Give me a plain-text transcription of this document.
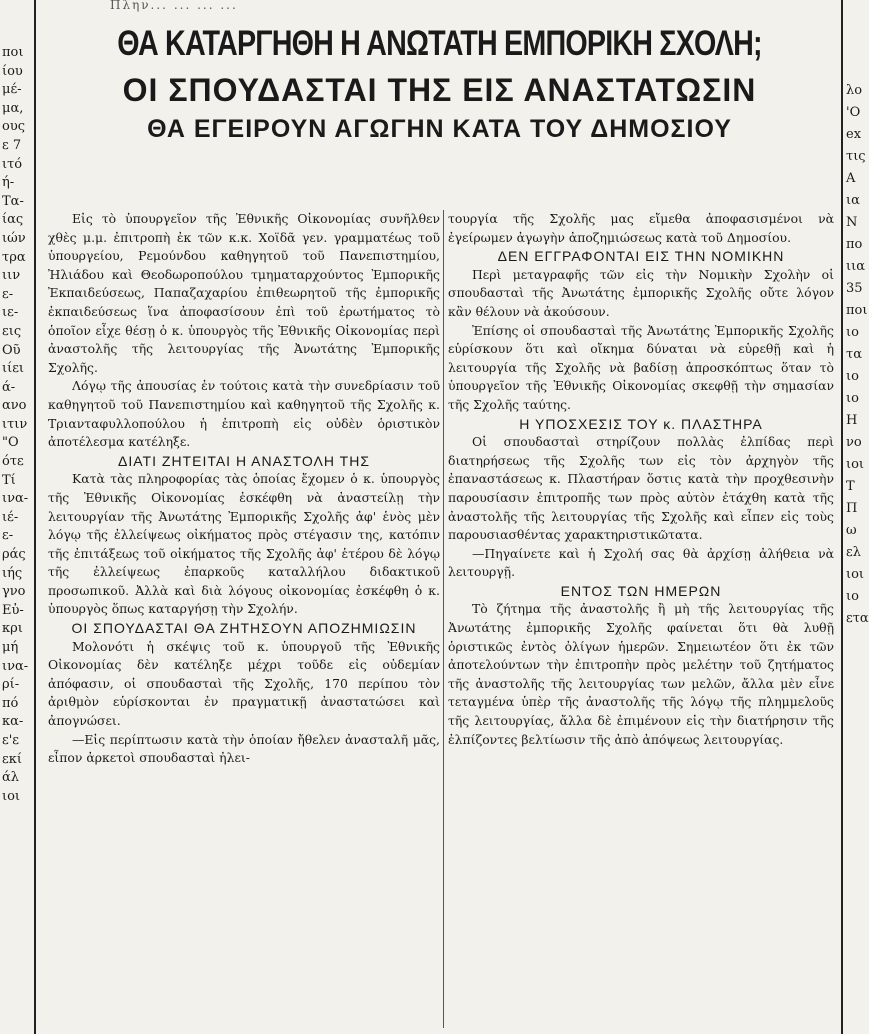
Πλην... ... ... ...
ποι
ίου
μέ-
μα,
ους
ε 7
ιτό
ή-
Τα-
ίας
ιών
τρα
ιιν
ε-
ιε-
εις
Οῦ
ιίει
ά-
ανο
ιτιν
"Ο
ότε
Τί
ινα-
ιέ-
ε-
ράς
ιής
γνο
Εὐ-
κρι
μή
ινα-
ρί-
πό
κα-
ε'ε
εκί
άλ
ιοι
λο
'Ο
ex
τις
Α
ια
Ν
πο
ιια
35
ποι
ιο
τα
ιο
ιο
Η
νο
ιοι
Τ
Π
ω
ελ
ιοι
ιο
ετα
ΘΑ ΚΑΤΑΡΓΗΘΗ Η ΑΝΩΤΑΤΗ ΕΜΠΟΡΙΚΗ ΣΧΟΛΗ;
ΟΙ ΣΠΟΥΔΑΣΤΑΙ ΤΗΣ ΕΙΣ ΑΝΑΣΤΑΤΩΣΙΝ
ΘΑ ΕΓΕΙΡΟΥΝ ΑΓΩΓΗΝ ΚΑΤΑ ΤΟΥ ΔΗΜΟΣΙΟΥ

Εἰς τὸ ὑπουργεῖον τῆς Ἐθνικῆς Οἰκονομίας συνῆλθεν χθὲς μ.μ. ἐπιτροπὴ ἐκ τῶν κ.κ. Χοϊδᾶ γεν. γραμματέως τοῦ ὑπουργείου, Ρεμούνδου καθηγητοῦ τοῦ Πανεπιστημίου, Ἠλιάδου καὶ Θεοδωροπούλου τμηματαρχούντος Ἐμπορικῆς Ἐκπαιδεύσεως, Παπαζαχαρίου ἐπιθεωρητοῦ τῆς ἐμπορικῆς ἐκπαιδεύσεως ἵνα ἀποφασίσουν ἐπὶ τοῦ ἐρωτήματος τὸ ὁποῖον εἶχε θέσῃ ὁ κ. ὑπουργὸς τῆς Ἐθνικῆς Οἰκονομίας περὶ ἀναστολῆς τῆς λειτουργίας τῆς Ἀνωτάτης Ἐμπορικῆς Σχολῆς.

Λόγῳ τῆς ἀπουσίας ἐν τούτοις κατὰ τὴν συνεδρίασιν τοῦ καθηγητοῦ τοῦ Πανεπιστημίου καὶ καθηγητοῦ τῆς Σχολῆς κ. Τριανταφυλλοπούλου ἡ ἐπιτροπὴ εἰς οὐδὲν ὁριστικὸν ἀποτέλεσμα κατέληξε.

ΔΙΑΤΙ ΖΗΤΕΙΤΑΙ Η ΑΝΑΣΤΟΛΗ ΤΗΣ

Κατὰ τὰς πληροφορίας τὰς ὁποίας ἔχομεν ὁ κ. ὑπουργὸς τῆς Ἐθνικῆς Οἰκονομίας ἐσκέφθη νὰ ἀναστείλῃ τὴν λειτουργίαν τῆς Ἀνωτάτης Ἐμπορικῆς Σχολῆς ἀφ' ἑνὸς μὲν λόγῳ τῆς ἐλλείψεως οἰκήματος πρὸς στέγασιν της, κατόπιν τῆς ἐπιτάξεως τοῦ οἰκήματος τῆς Σχολῆς ἀφ' ἑτέρου δὲ λόγῳ τῆς ἐλλείψεως ἐπαρκοῦς καταλλήλου διδακτικοῦ προσωπικοῦ. Ἀλλὰ καὶ διὰ λόγους οἰκονομίας ἐσκέφθη ὁ κ. ὑπουργὸς ὅπως καταργήσῃ τὴν Σχολήν.

ΟΙ ΣΠΟΥΔΑΣΤΑΙ ΘΑ ΖΗΤΗΣΟΥΝ ΑΠΟΖΗΜΙΩΣΙΝ

Μολονότι ἡ σκέψις τοῦ κ. ὑπουργοῦ τῆς Ἐθνικῆς Οἰκονομίας δὲν κατέληξε μέχρι τοῦδε εἰς οὐδεμίαν ἀπόφασιν, οἱ σπουδασταὶ τῆς Σχολῆς, 170 περίπου τὸν ἀριθμὸν εὑρίσκονται ἐν πραγματικῇ ἀναστατώσει καὶ ἀπογνώσει.

—Εἰς περίπτωσιν κατὰ τὴν ὁποίαν ἤθελεν ἀνασταλῆ μᾶς, εἶπον ἀρκετοὶ σπουδασταὶ ἠλει-

τουργία τῆς Σχολῆς μας εἴμεθα ἀποφασισμένοι νὰ ἐγείρωμεν ἀγωγὴν ἀποζημιώσεως κατὰ τοῦ Δημοσίου.

ΔΕΝ ΕΓΓΡΑΦΟΝΤΑΙ ΕΙΣ ΤΗΝ ΝΟΜΙΚΗΝ

Περὶ μεταγραφῆς τῶν εἰς τὴν Νομικὴν Σχολὴν οἱ σπουδασταὶ τῆς Ἀνωτάτης ἐμπορικῆς Σχολῆς οὔτε λόγον κἂν θέλουν νὰ ἀκούσουν.

Ἐπίσης οἱ σπουδασταὶ τῆς Ἀνωτάτης Ἐμπορικῆς Σχολῆς εὑρίσκουν ὅτι καὶ οἴκημα δύναται νὰ εὑρεθῇ καὶ ἡ λειτουργία τῆς Σχολῆς νὰ βαδίσῃ ἀπροσκόπτως ὅταν τὸ ὑπουργεῖον τῆς Ἐθνικῆς Οἰκονομίας σκεφθῇ τὴν σημασίαν τῆς Σχολῆς ταύτης.

Η ΥΠΟΣΧΕΣΙΣ ΤΟΥ κ. ΠΛΑΣΤΗΡΑ

Οἱ σπουδασταὶ στηρίζουν πολλὰς ἐλπίδας περὶ διατηρήσεως τῆς Σχολῆς των εἰς τὸν ἀρχηγὸν τῆς ἐπαναστάσεως κ. Πλαστήραν ὅστις κατὰ τὴν προχθεσινὴν παρουσίασιν ἐπιτροπῆς των πρὸς αὐτὸν ἐτάχθη κατὰ τῆς ἀναστολῆς τῆς λειτουργίας τῆς Σχολῆς καὶ εἶπεν εἰς τοὺς παρουσιασθέντας χαρακτηριστικῶτατα.

—Πηγαίνετε καὶ ἡ Σχολή σας θὰ ἀρχίσῃ ἀλήθεια νὰ λειτουργῇ.

ΕΝΤΟΣ ΤΩΝ ΗΜΕΡΩΝ

Τὸ ζήτημα τῆς ἀναστολῆς ἢ μὴ τῆς λειτουργίας τῆς Ἀνωτάτης ἐμπορικῆς Σχολῆς φαίνεται ὅτι θὰ λυθῇ ὁριστικῶς ἐντὸς ὀλίγων ἡμερῶν. Σημειωτέον ὅτι ἐκ τῶν ἀποτελούντων τὴν ἐπιτροπὴν πρὸς μελέτην τοῦ ζητήματος τῆς ἀναστολῆς τῆς λειτουργίας των μελῶν, ἄλλα μὲν εἶνε τεταγμένα ὑπὲρ τῆς ἀναστολῆς τῆς λόγῳ τῆς πλημμελοῦς τῆς λειτουργίας, ἄλλα δὲ ἐπιμένουν εἰς τὴν διατήρησιν τῆς ἐλπίζοντες βελτίωσιν τῆς ἀπὸ ἀπόψεως λειτουργίας.
